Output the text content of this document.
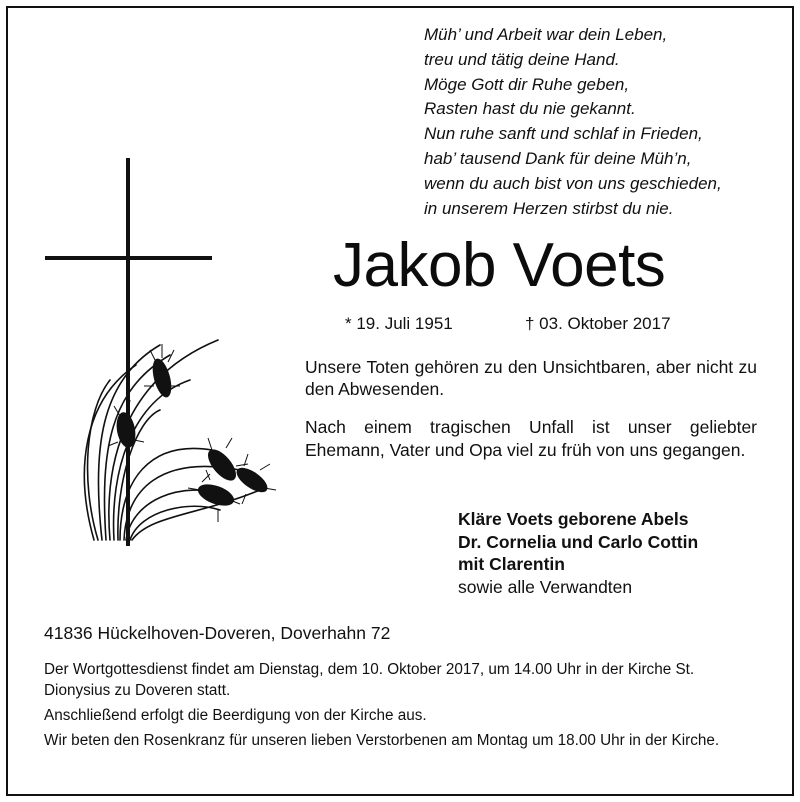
Müh’ und Arbeit war dein Leben,
treu und tätig deine Hand.
Möge Gott dir Ruhe geben,
Rasten hast du nie gekannt.
Nun ruhe sanft und schlaf in Frieden,
hab’ tausend Dank für deine Müh’n,
wenn du auch bist von uns geschieden,
in unserem Herzen stirbst du nie.
Jakob Voets
* 19. Juli 1951	† 03. Oktober 2017
Unsere Toten gehören zu den Unsichtbaren, aber nicht zu den Abwesenden.
Nach einem tragischen Unfall ist unser geliebter Ehemann, Vater und Opa viel zu früh von uns gegangen.
Kläre Voets geborene Abels
Dr. Cornelia und Carlo Cottin
mit Clarentin
sowie alle Verwandten
41836 Hückelhoven-Doveren, Doverhahn 72

Der Wortgottesdienst findet am Dienstag, dem 10. Oktober 2017, um 14.00 Uhr in der Kirche St. Dionysius zu Doveren statt.

Anschließend erfolgt die Beerdigung von der Kirche aus.

Wir beten den Rosenkranz für unseren lieben Verstorbenen am Montag um 18.00 Uhr in der Kirche.
